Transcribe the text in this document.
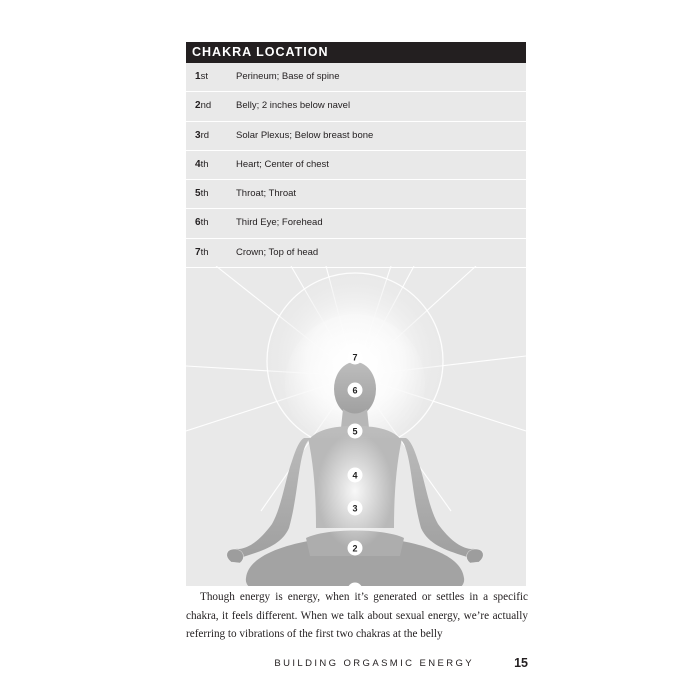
CHAKRA LOCATION
1st	Perineum; Base of spine
2nd	Belly; 2 inches below navel
3rd	Solar Plexus; Below breast bone
4th	Heart; Center of chest
5th	Throat; Throat
6th	Third Eye; Forehead
7th	Crown; Top of head
7
6
5
4
3
2

Though energy is energy, when it’s generated or settles in a specific chakra, it feels different. When we talk about sexual energy, we’re actually referring to vibrations of the first two chakras at the belly

BUILDING ORGASMIC ENERGY	15
